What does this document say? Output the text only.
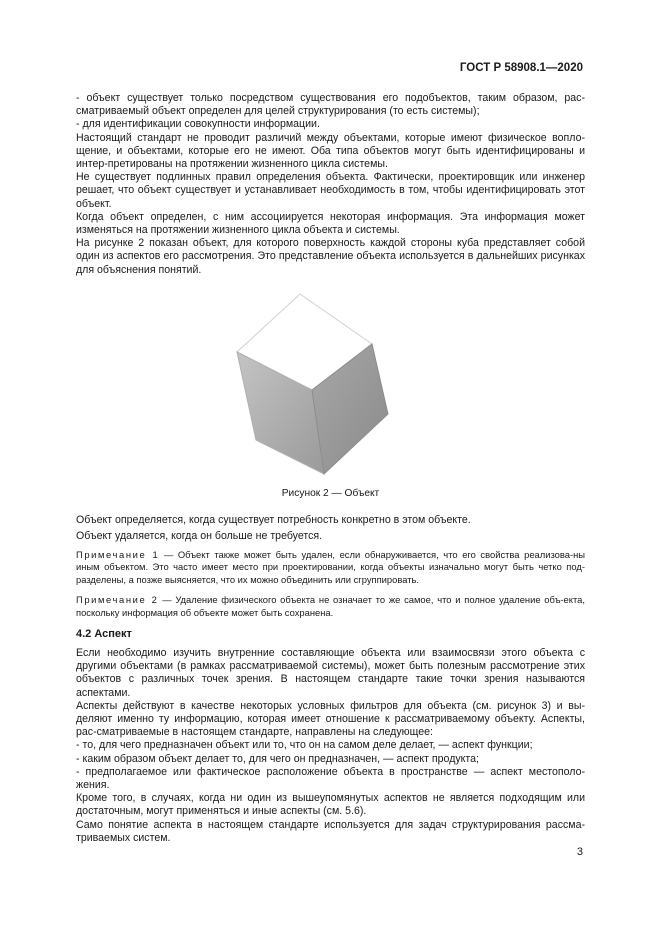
ГОСТ Р 58908.1—2020

- объект существует только посредством существования его подобъектов, таким образом, рас-сматриваемый объект определен для целей структурирования (то есть системы);

- для идентификации совокупности информации.

Настоящий стандарт не проводит различий между объектами, которые имеют физическое вопло-щение, и объектами, которые его не имеют. Оба типа объектов могут быть идентифицированы и интер-претированы на протяжении жизненного цикла системы.

Не существует подлинных правил определения объекта. Фактически, проектировщик или инженер решает, что объект существует и устанавливает необходимость в том, чтобы идентифицировать этот объект.

Когда объект определен, с ним ассоциируется некоторая информация. Эта информация может изменяться на протяжении жизненного цикла объекта и системы.

На рисунке 2 показан объект, для которого поверхность каждой стороны куба представляет собой один из аспектов его рассмотрения. Это представление объекта используется в дальнейших рисунках для объяснения понятий.

Рисунок 2 — Объект

Объект определяется, когда существует потребность конкретно в этом объекте.

Объект удаляется, когда он больше не требуется.

Примечание 1 — Объект также может быть удален, если обнаруживается, что его свойства реализова-ны иным объектом. Это часто имеет место при проектировании, когда объекты изначально могут быть четко под-разделены, а позже выясняется, что их можно объединить или сгруппировать.

Примечание 2 — Удаление физического объекта не означает то же самое, что и полное удаление объ-екта, поскольку информация об объекте может быть сохранена.

4.2 Аспект

Если необходимо изучить внутренние составляющие объекта или взаимосвязи этого объекта с другими объектами (в рамках рассматриваемой системы), может быть полезным рассмотрение этих объектов с различных точек зрения. В настоящем стандарте такие точки зрения называются аспектами.

Аспекты действуют в качестве некоторых условных фильтров для объекта (см. рисунок 3) и вы-деляют именно ту информацию, которая имеет отношение к рассматриваемому объекту. Аспекты, рас-сматриваемые в настоящем стандарте, направлены на следующее:

- то, для чего предназначен объект или то, что он на самом деле делает, — аспект функции;

- каким образом объект делает то, для чего он предназначен, — аспект продукта;

- предполагаемое или фактическое расположение объекта в пространстве — аспект местополо-жения.

Кроме того, в случаях, когда ни один из вышеупомянутых аспектов не является подходящим или достаточным, могут применяться и иные аспекты (см. 5.6).

Само понятие аспекта в настоящем стандарте используется для задач структурирования рассма-триваемых систем.

3
